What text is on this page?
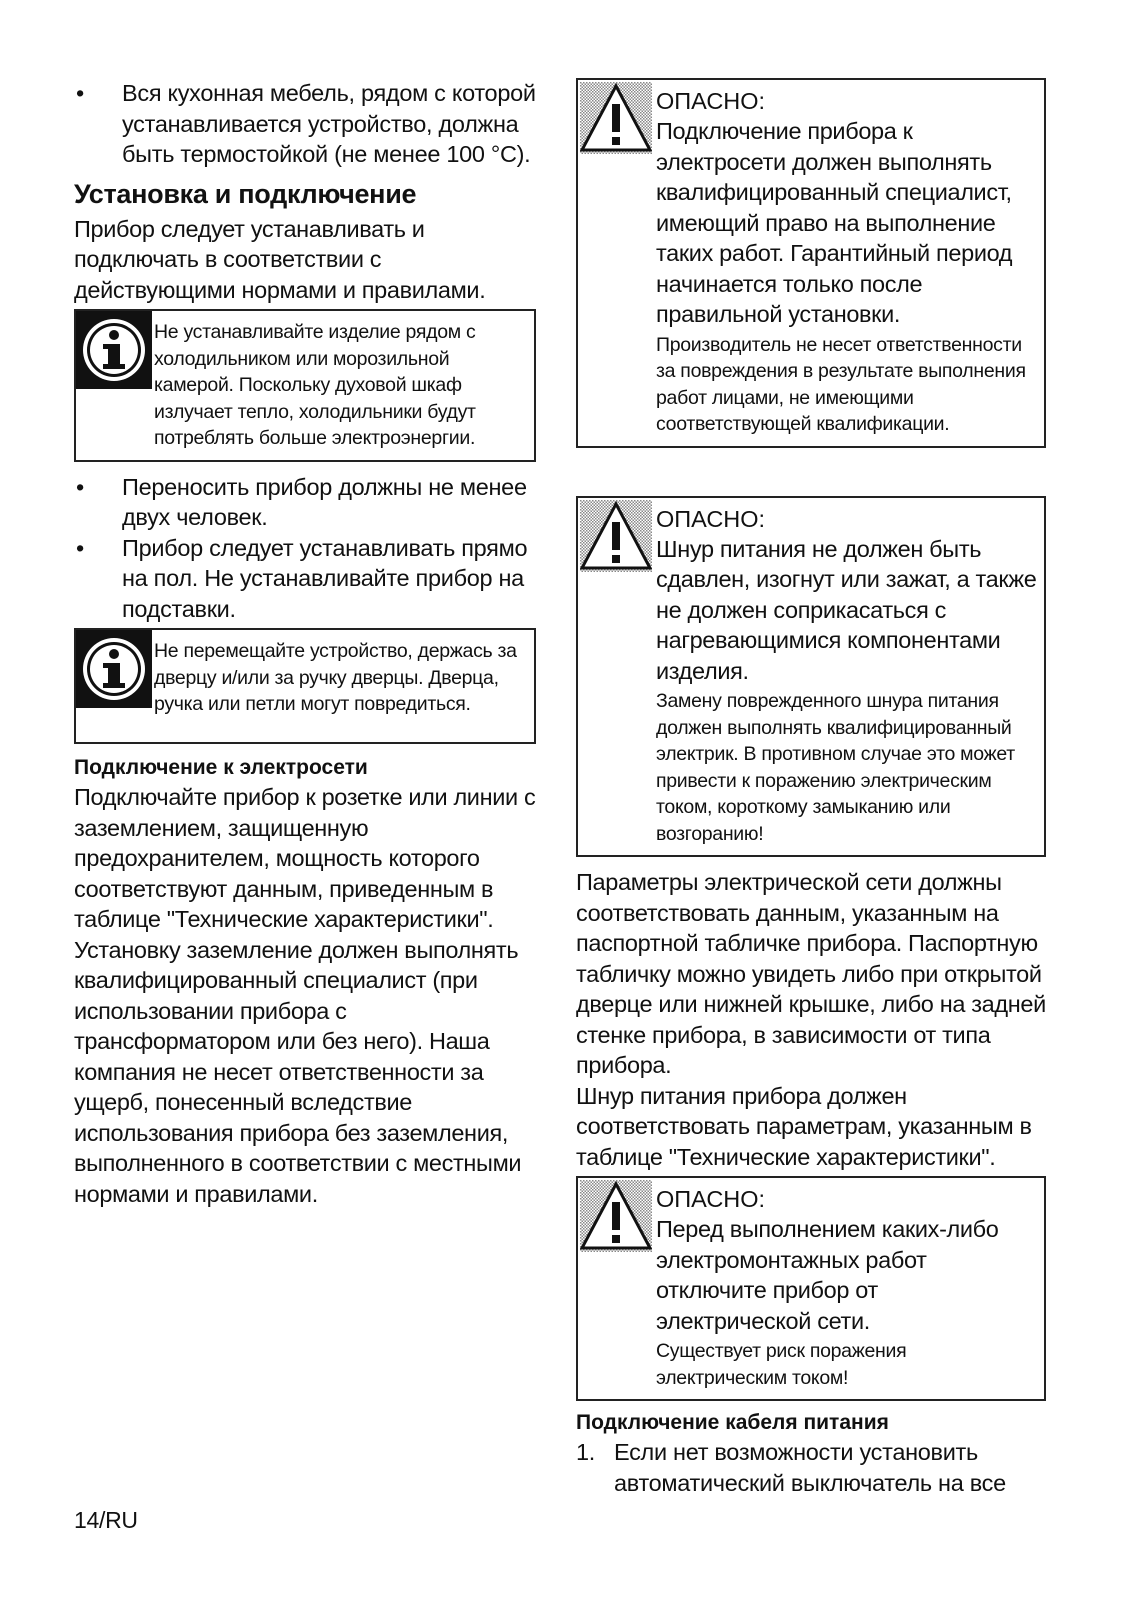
• Вся кухонная мебель, рядом с которой устанавливается устройство, должна быть термостойкой (не менее 100 °C).
Установка и подключение

Прибор следует устанавливать и подключать в соответствии с действующими нормами и правилами.

Не устанавливайте изделие рядом с холодильником или морозильной камерой. Поскольку духовой шкаф излучает тепло, холодильники будут потреблять больше электроэнергии.

• Переносить прибор должны не менее двух человек.
• Прибор следует устанавливать прямо на пол. Не устанавливайте прибор на подставки.

Не перемещайте устройство, держась за дверцу и/или за ручку дверцы. Дверца, ручка или петли могут повредиться.

Подключение к электросети

Подключайте прибор к розетке или линии с заземлением, защищенную предохранителем, мощность которого соответствуют данным, приведенным в таблице "Технические характеристики". Установку заземление должен выполнять квалифицированный специалист (при использовании прибора с трансформатором или без него). Наша компания не несет ответственности за ущерб, понесенный вследствие использования прибора без заземления, выполненного в соответствии с местными нормами и правилами.

ОПАСНО:

Подключение прибора к электросети должен выполнять квалифицированный специалист, имеющий право на выполнение таких работ. Гарантийный период начинается только после правильной установки.

Производитель не несет ответственности за повреждения в результате выполнения работ лицами, не имеющими соответствующей квалификации.

ОПАСНО:

Шнур питания не должен быть сдавлен, изогнут или зажат, а также не должен соприкасаться с нагревающимися компонентами изделия.

Замену поврежденного шнура питания должен выполнять квалифицированный электрик. В противном случае это может привести к поражению электрическим током, короткому замыканию или возгоранию!

Параметры электрической сети должны соответствовать данным, указанным на паспортной табличке прибора. Паспортную табличку можно увидеть либо при открытой дверце или нижней крышке, либо на задней стенке прибора, в зависимости от типа прибора.

Шнур питания прибора должен соответствовать параметрам, указанным в таблице "Технические характеристики".

ОПАСНО:

Перед выполнением каких-либо электромонтажных работ отключите прибор от электрической сети.

Существует риск поражения электрическим током!

Подключение кабеля питания
1. Если нет возможности установить автоматический выключатель на все
14/RU
